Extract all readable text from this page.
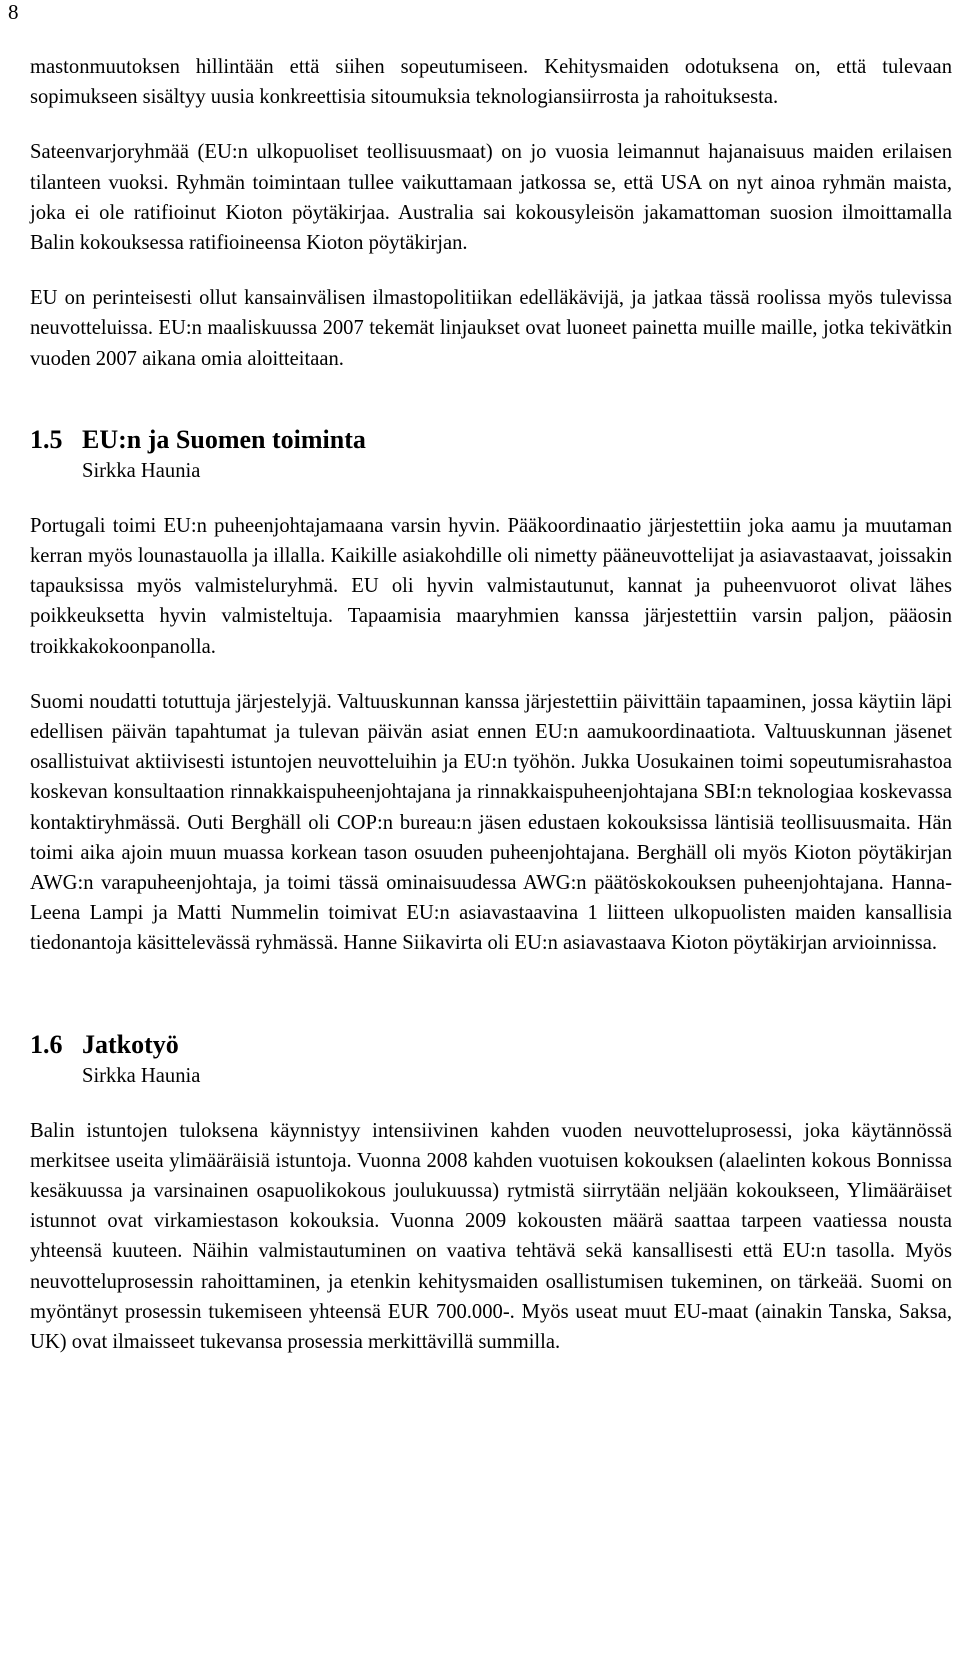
8

mastonmuutoksen hillintään että siihen sopeutumiseen. Kehitysmaiden odotuksena on, että tulevaan sopimukseen sisältyy uusia konkreettisia sitoumuksia teknologiansiirrosta ja rahoituksesta.

Sateenvarjoryhmää (EU:n ulkopuoliset teollisuusmaat) on jo vuosia leimannut hajanaisuus maiden erilaisen tilanteen vuoksi. Ryhmän toimintaan tullee vaikuttamaan jatkossa se, että USA on nyt ainoa ryhmän maista, joka ei ole ratifioinut Kioton pöytäkirjaa. Australia sai kokousyleisön jakamattoman suosion ilmoittamalla Balin kokouksessa ratifioineensa Kioton pöytäkirjan.

EU on perinteisesti ollut kansainvälisen ilmastopolitiikan edelläkävijä, ja jatkaa tässä roolissa myös tulevissa neuvotteluissa. EU:n maaliskuussa 2007 tekemät linjaukset ovat luoneet painetta muille maille, jotka tekivätkin vuoden 2007 aikana omia aloitteitaan.

1.5 EU:n ja Suomen toiminta

Sirkka Haunia

Portugali toimi EU:n puheenjohtajamaana varsin hyvin. Pääkoordinaatio järjestettiin joka aamu ja muutaman kerran myös lounastauolla ja illalla. Kaikille asiakohdille oli nimetty pääneuvottelijat ja asiavastaavat, joissakin tapauksissa myös valmisteluryhmä. EU oli hyvin valmistautunut, kannat ja puheenvuorot olivat lähes poikkeuksetta hyvin valmisteltuja. Tapaamisia maaryhmien kanssa järjestettiin varsin paljon, pääosin troikkakokoonpanolla.

Suomi noudatti totuttuja järjestelyjä. Valtuuskunnan kanssa järjestettiin päivittäin tapaaminen, jossa käytiin läpi edellisen päivän tapahtumat ja tulevan päivän asiat ennen EU:n aamukoordinaatiota. Valtuuskunnan jäsenet osallistuivat aktiivisesti istuntojen neuvotteluihin ja EU:n työhön. Jukka Uosukainen toimi sopeutumisrahastoa koskevan konsultaation rinnakkaispuheenjohtajana ja rinnakkaispuheenjohtajana SBI:n teknologiaa koskevassa kontaktiryhmässä. Outi Berghäll oli COP:n bureau:n jäsen edustaen kokouksissa läntisiä teollisuusmaita. Hän toimi aika ajoin muun muassa korkean tason osuuden puheenjohtajana. Berghäll oli myös Kioton pöytäkirjan AWG:n varapuheenjohtaja, ja toimi tässä ominaisuudessa AWG:n päätöskokouksen puheenjohtajana. Hanna-Leena Lampi ja Matti Nummelin toimivat EU:n asiavastaavina 1 liitteen ulkopuolisten maiden kansallisia tiedonantoja käsittelevässä ryhmässä. Hanne Siikavirta oli EU:n asiavastaava Kioton pöytäkirjan arvioinnissa.

1.6 Jatkotyö

Sirkka Haunia

Balin istuntojen tuloksena käynnistyy intensiivinen kahden vuoden neuvotteluprosessi, joka käytännössä merkitsee useita ylimääräisiä istuntoja. Vuonna 2008 kahden vuotuisen kokouksen (alaelinten kokous Bonnissa kesäkuussa ja varsinainen osapuolikokous joulukuussa) rytmistä siirrytään neljään kokoukseen, Ylimääräiset istunnot ovat virkamiestason kokouksia. Vuonna 2009 kokousten määrä saattaa tarpeen vaatiessa nousta yhteensä kuuteen. Näihin valmistautuminen on vaativa tehtävä sekä kansallisesti että EU:n tasolla. Myös neuvotteluprosessin rahoittaminen, ja etenkin kehitysmaiden osallistumisen tukeminen, on tärkeää. Suomi on myöntänyt prosessin tukemiseen yhteensä EUR 700.000-. Myös useat muut EU-maat (ainakin Tanska, Saksa, UK) ovat ilmaisseet tukevansa prosessia merkittävillä summilla.
